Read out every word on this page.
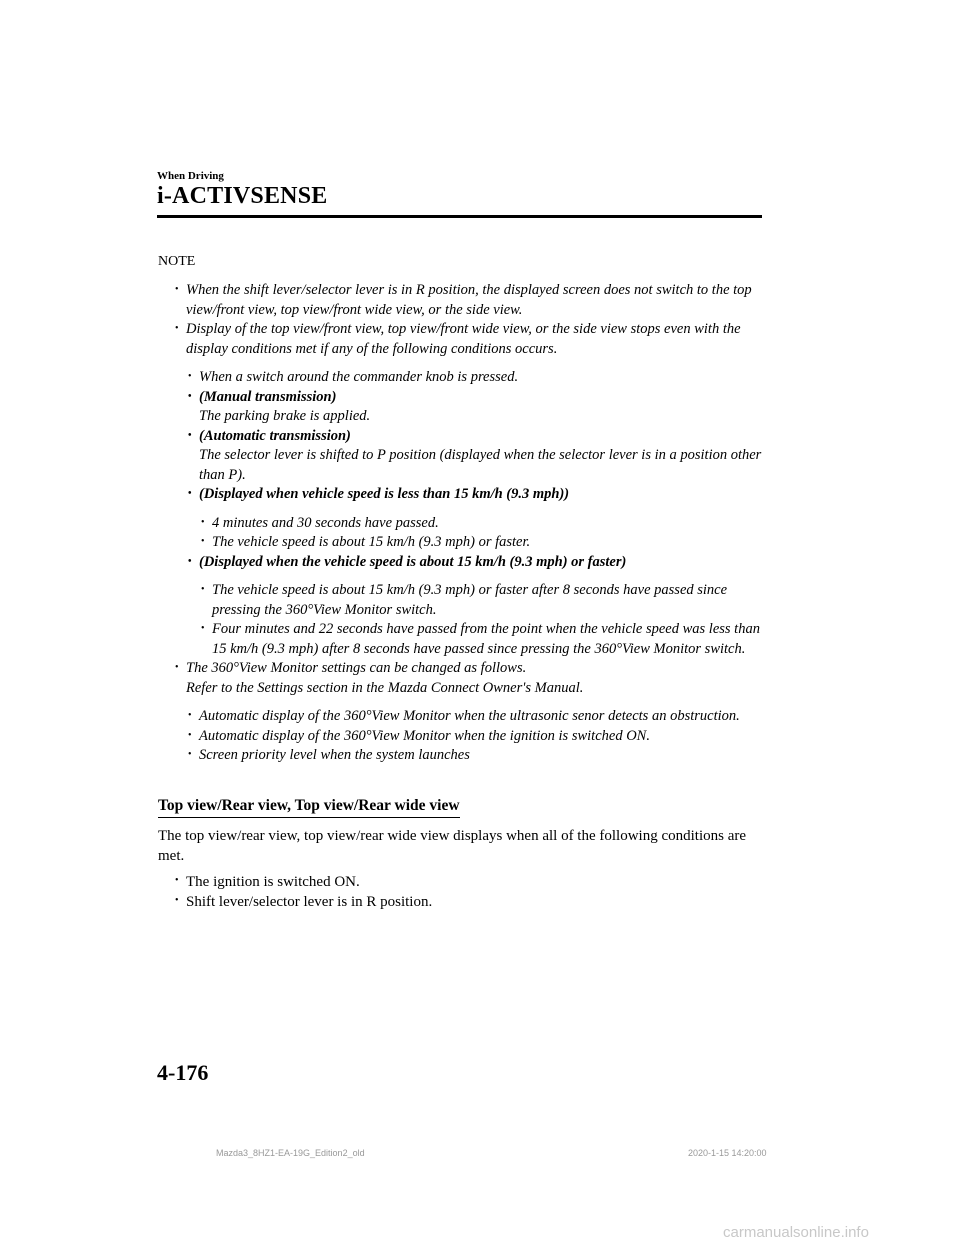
When Driving
i-ACTIVSENSE
NOTE
• When the shift lever/selector lever is in R position, the displayed screen does not switch to the top view/front view, top view/front wide view, or the side view.
• Display of the top view/front view, top view/front wide view, or the side view stops even with the display conditions met if any of the following conditions occurs.
• When a switch around the commander knob is pressed.
• (Manual transmission)
The parking brake is applied.
• (Automatic transmission)
The selector lever is shifted to P position (displayed when the selector lever is in a position other than P).
• (Displayed when vehicle speed is less than 15 km/h (9.3 mph))
• 4 minutes and 30 seconds have passed.
• The vehicle speed is about 15 km/h (9.3 mph) or faster.
• (Displayed when the vehicle speed is about 15 km/h (9.3 mph) or faster)
• The vehicle speed is about 15 km/h (9.3 mph) or faster after 8 seconds have passed since pressing the 360°View Monitor switch.
• Four minutes and 22 seconds have passed from the point when the vehicle speed was less than 15 km/h (9.3 mph) after 8 seconds have passed since pressing the 360°View Monitor switch.
• The 360°View Monitor settings can be changed as follows.
Refer to the Settings section in the Mazda Connect Owner's Manual.
• Automatic display of the 360°View Monitor when the ultrasonic senor detects an obstruction.
• Automatic display of the 360°View Monitor when the ignition is switched ON.
• Screen priority level when the system launches
Top view/Rear view, Top view/Rear wide view
The top view/rear view, top view/rear wide view displays when all of the following conditions are met.
• The ignition is switched ON.
• Shift lever/selector lever is in R position.
4-176
Mazda3_8HZ1-EA-19G_Edition2_old	2020-1-15 14:20:00
carmanualsonline.info
